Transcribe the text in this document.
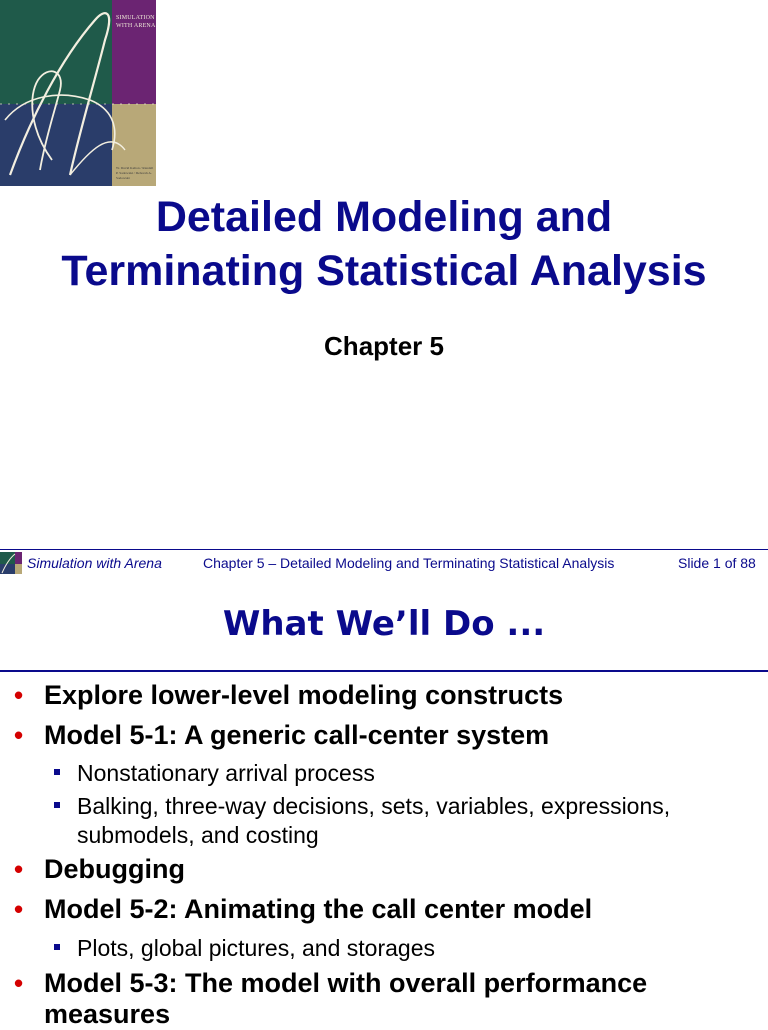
SIMULATION
WITH ARENA
W. David Kelton / Randall P. Sadowski / Deborah A. Sadowski
Detailed Modeling and
Terminating Statistical Analysis
Chapter 5
Simulation with Arena	Chapter 5 – Detailed Modeling and Terminating Statistical Analysis	Slide 1 of 88
What We’ll Do ...
• Explore lower-level modeling constructs
• Model 5-1: A generic call-center system
Nonstationary arrival process
Balking, three-way decisions, sets, variables, expressions, submodels, and costing
• Debugging
• Model 5-2: Animating the call center model
Plots, global pictures, and storages
• Model 5-3: The model with overall performance measures
